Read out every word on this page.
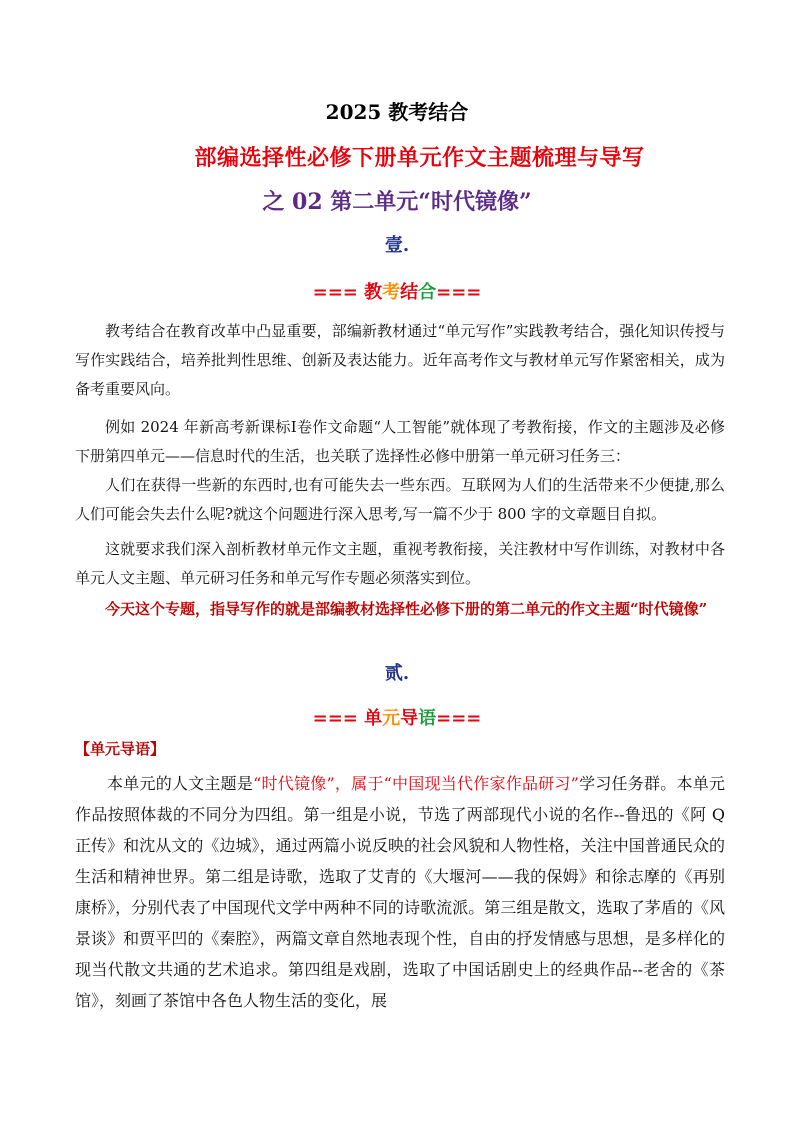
2025 教考结合
部编选择性必修下册单元作文主题梳理与导写
之 02 第二单元“时代镜像”
壹.
=== 教考结合===
教考结合在教育改革中凸显重要，部编新教材通过“单元写作”实践教考结合，强化知识传授与写作实践结合，培养批判性思维、创新及表达能力。近年高考作文与教材单元写作紧密相关，成为备考重要风向。
例如 2024 年新高考新课标Ⅰ卷作文命题“人工智能”就体现了考教衔接，作文的主题涉及必修下册第四单元——信息时代的生活，也关联了选择性必修中册第一单元研习任务三：
人们在获得一些新的东西时,也有可能失去一些东西。互联网为人们的生活带来不少便捷,那么人们可能会失去什么呢?就这个问题进行深入思考,写一篇不少于 800 字的文章题目自拟。
这就要求我们深入剖析教材单元作文主题，重视考教衔接，关注教材中写作训练，对教材中各单元人文主题、单元研习任务和单元写作专题必须落实到位。
今天这个专题，指导写作的就是部编教材选择性必修下册的第二单元的作文主题“时代镜像”
贰.
=== 单元导语===
【单元导语】
本单元的人文主题是“时代镜像”，属于“中国现当代作家作品研习”学习任务群。本单元作品按照体裁的不同分为四组。第一组是小说，节选了两部现代小说的名作--鲁迅的《阿 Q 正传》和沈从文的《边城》，通过两篇小说反映的社会风貌和人物性格，关注中国普通民众的生活和精神世界。第二组是诗歌，选取了艾青的《大堰河——我的保姆》和徐志摩的《再别康桥》，分别代表了中国现代文学中两种不同的诗歌流派。第三组是散文，选取了茅盾的《风景谈》和贾平凹的《秦腔》，两篇文章自然地表现个性，自由的抒发情感与思想，是多样化的现当代散文共通的艺术追求。第四组是戏剧，选取了中国话剧史上的经典作品--老舍的《茶馆》，刻画了茶馆中各色人物生活的变化，展
